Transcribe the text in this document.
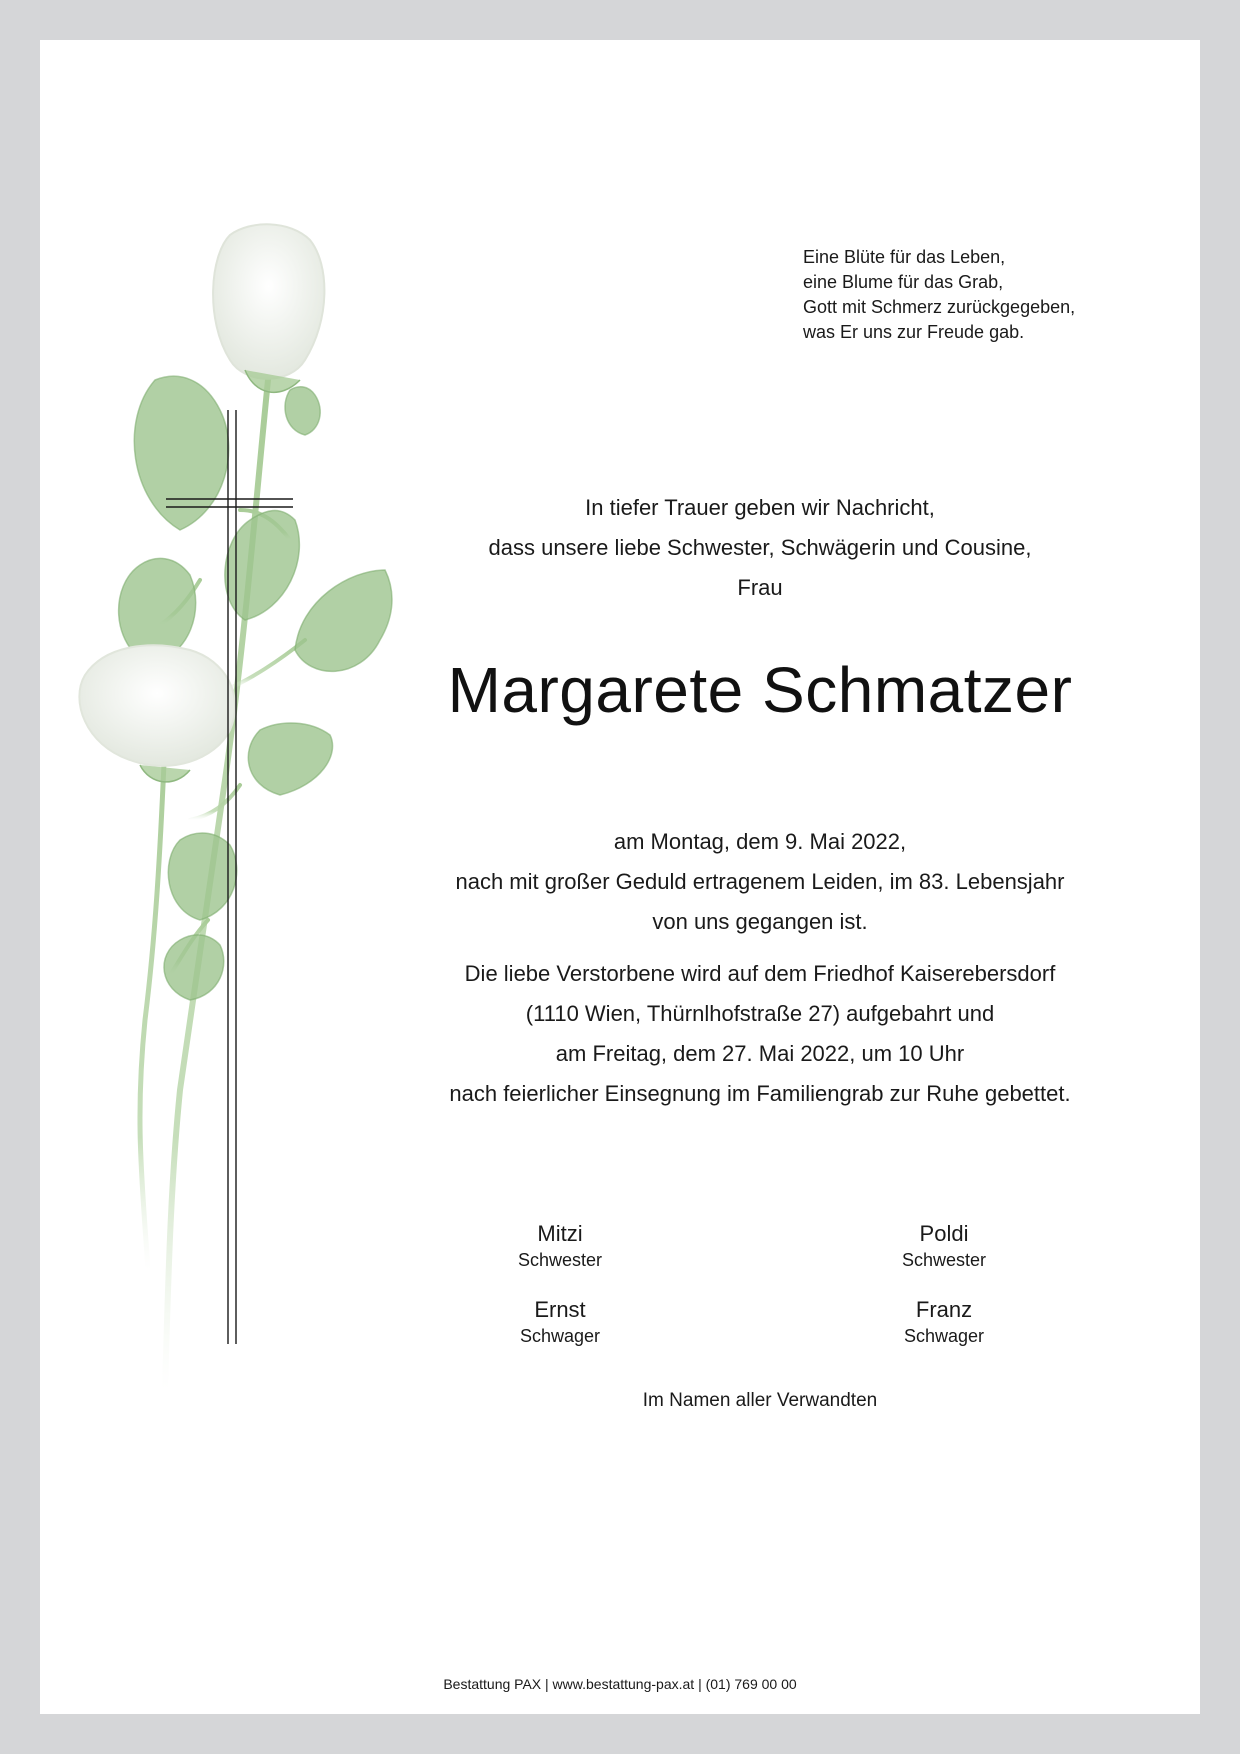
Eine Blüte für das Leben,
eine Blume für das Grab,
Gott mit Schmerz zurückgegeben,
was Er uns zur Freude gab.
In tiefer Trauer geben wir Nachricht,
dass unsere liebe Schwester, Schwägerin und Cousine,
Frau
Margarete Schmatzer
am Montag, dem 9. Mai 2022,
nach mit großer Geduld ertragenem Leiden, im 83. Lebensjahr
von uns gegangen ist.
Die liebe Verstorbene wird auf dem Friedhof Kaiserebersdorf
(1110 Wien, Thürnlhofstraße 27) aufgebahrt und
am Freitag, dem 27. Mai 2022, um 10 Uhr
nach feierlicher Einsegnung im Familiengrab zur Ruhe gebettet.
Mitzi
Schwester
Poldi
Schwester
Ernst
Schwager
Franz
Schwager
Im Namen aller Verwandten
Bestattung PAX | www.bestattung-pax.at | (01) 769 00 00
